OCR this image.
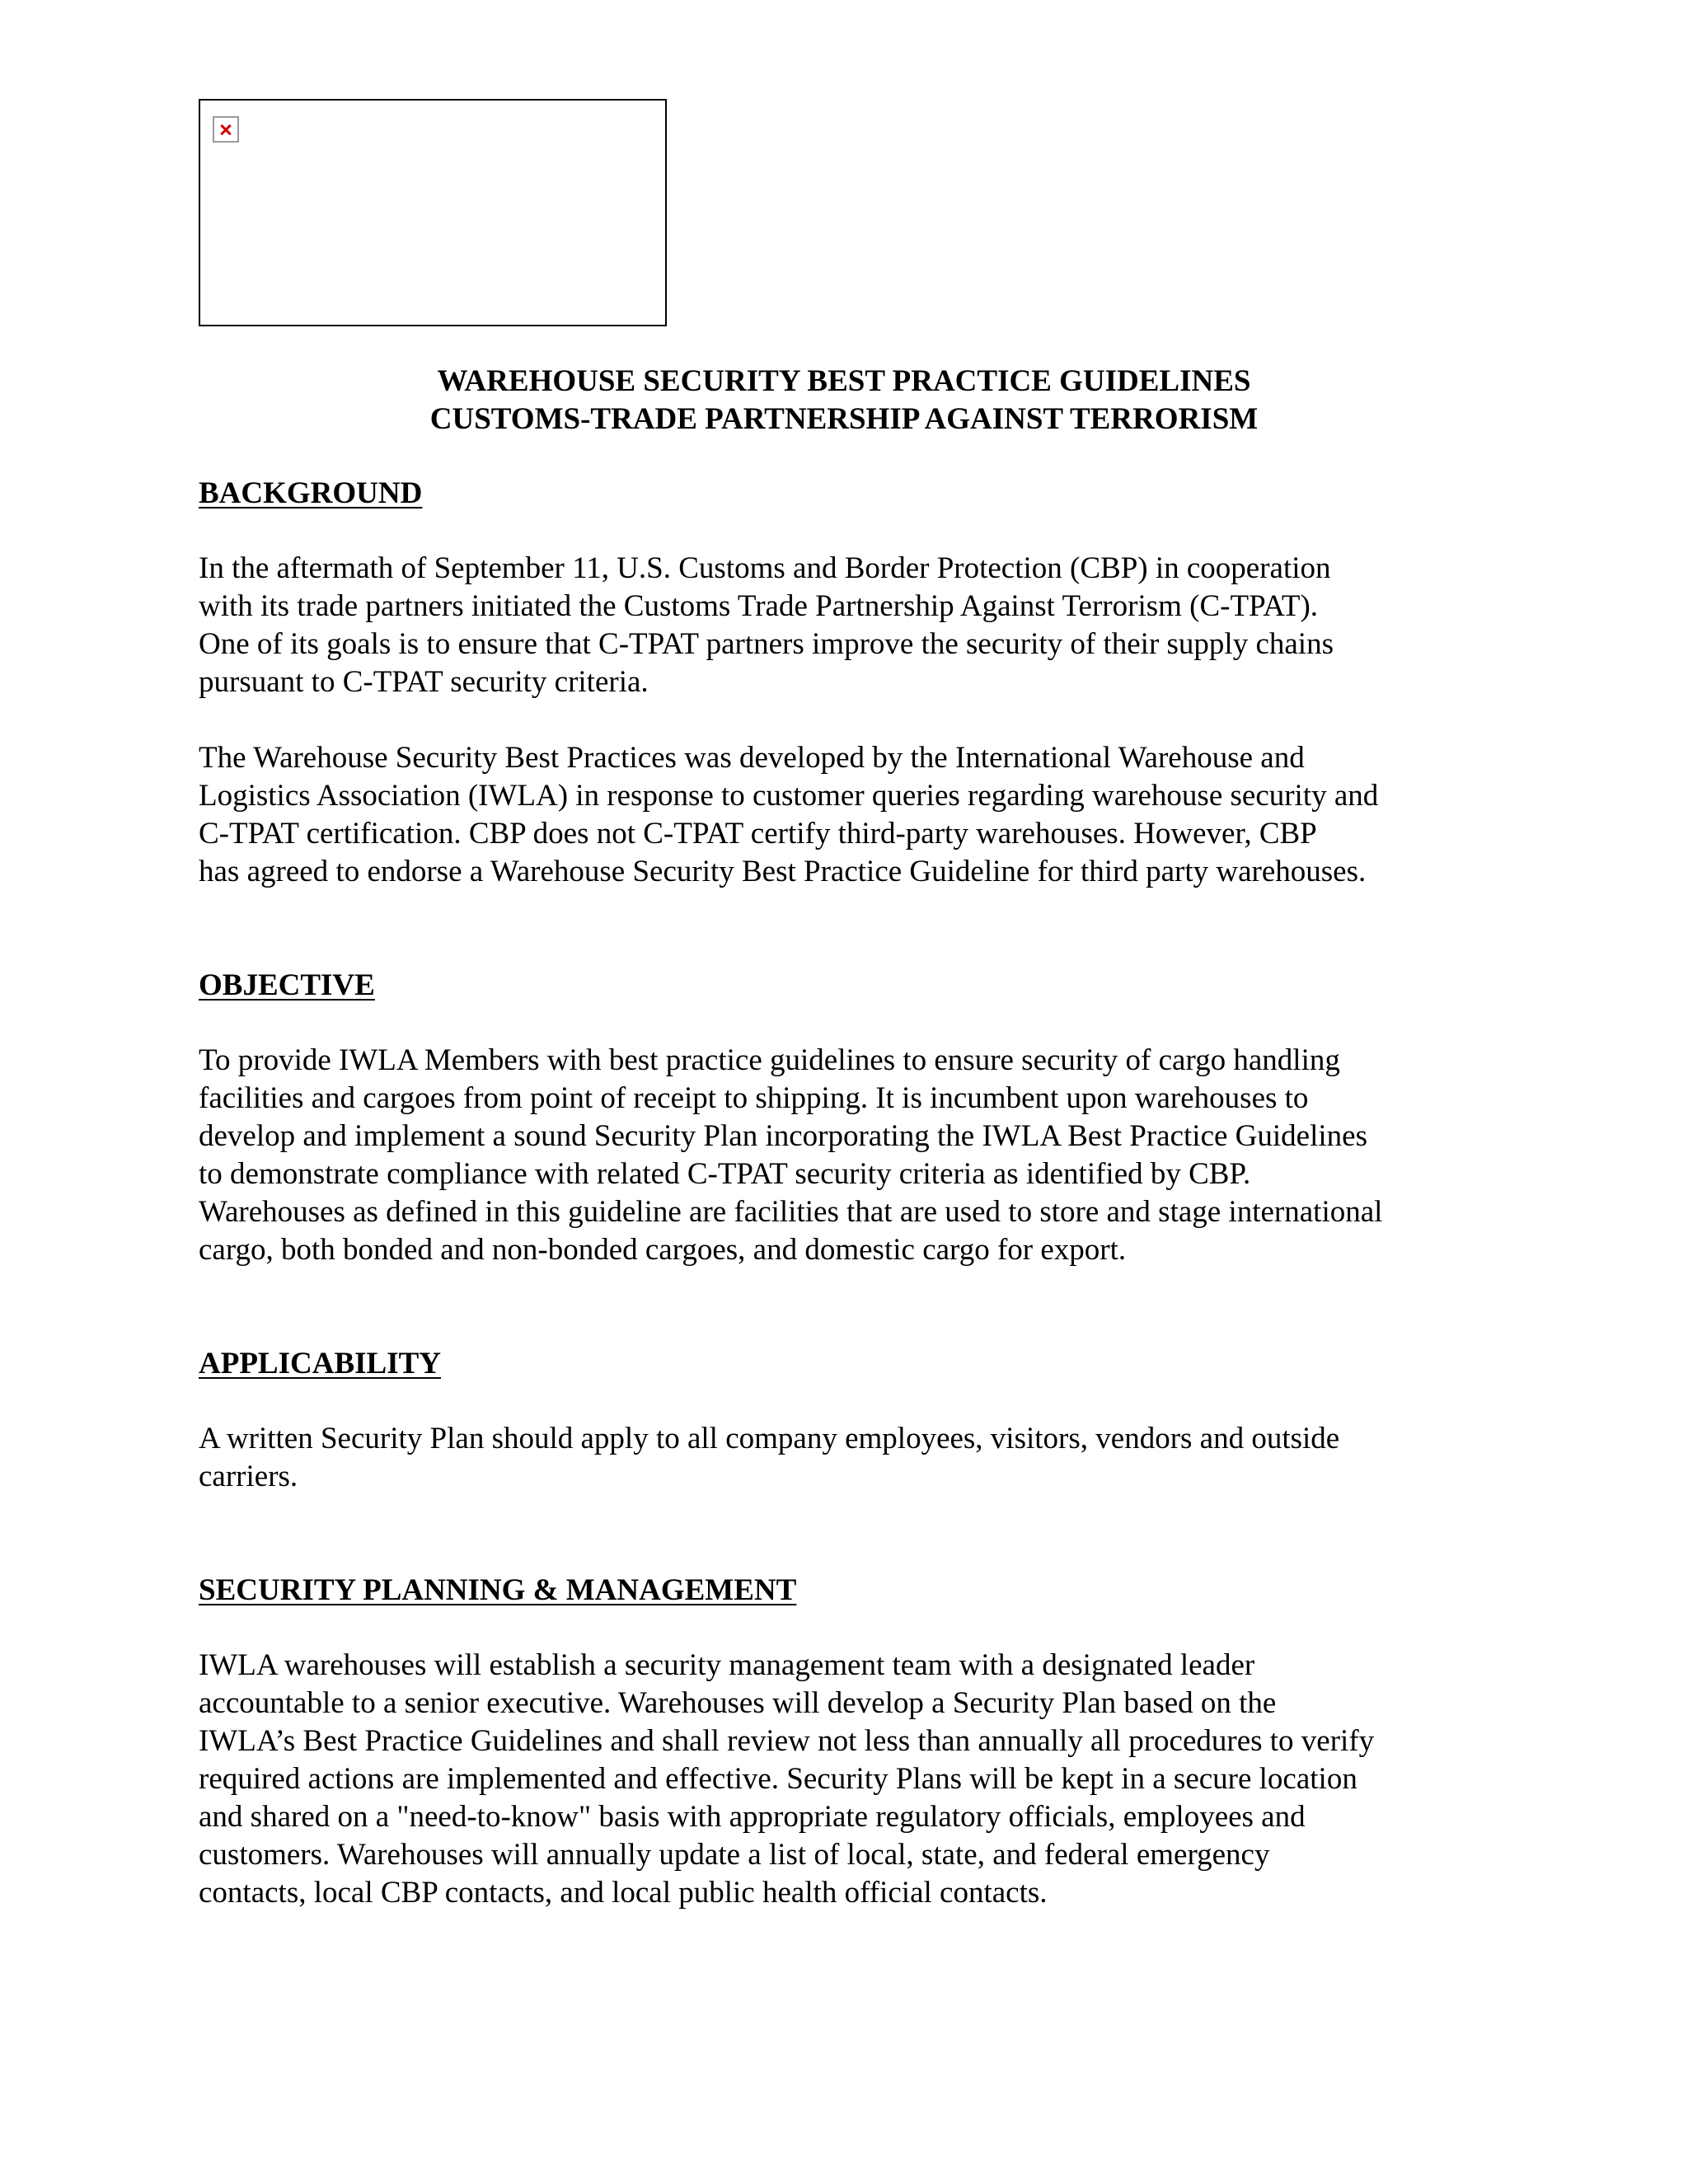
WAREHOUSE SECURITY BEST PRACTICE GUIDELINES
CUSTOMS-TRADE PARTNERSHIP AGAINST TERRORISM
BACKGROUND
In the aftermath of September 11, U.S. Customs and Border Protection (CBP) in cooperation
with its trade partners initiated the Customs Trade Partnership Against Terrorism (C-TPAT).
One of its goals is to ensure that C-TPAT partners improve the security of their supply chains
pursuant to C-TPAT security criteria.
The Warehouse Security Best Practices was developed by the International Warehouse and
Logistics Association (IWLA) in response to customer queries regarding warehouse security and
C-TPAT certification. CBP does not C-TPAT certify third-party warehouses. However, CBP
has agreed to endorse a Warehouse Security Best Practice Guideline for third party warehouses.
OBJECTIVE
To provide IWLA Members with best practice guidelines to ensure security of cargo handling
facilities and cargoes from point of receipt to shipping. It is incumbent upon warehouses to
develop and implement a sound Security Plan incorporating the IWLA Best Practice Guidelines
to demonstrate compliance with related C-TPAT security criteria as identified by CBP.
Warehouses as defined in this guideline are facilities that are used to store and stage international
cargo, both bonded and non-bonded cargoes, and domestic cargo for export.
APPLICABILITY
A written Security Plan should apply to all company employees, visitors, vendors and outside
carriers.
SECURITY PLANNING & MANAGEMENT
IWLA warehouses will establish a security management team with a designated leader
accountable to a senior executive. Warehouses will develop a Security Plan based on the
IWLA’s Best Practice Guidelines and shall review not less than annually all procedures to verify
required actions are implemented and effective. Security Plans will be kept in a secure location
and shared on a "need-to-know" basis with appropriate regulatory officials, employees and
customers. Warehouses will annually update a list of local, state, and federal emergency
contacts, local CBP contacts, and local public health official contacts.
